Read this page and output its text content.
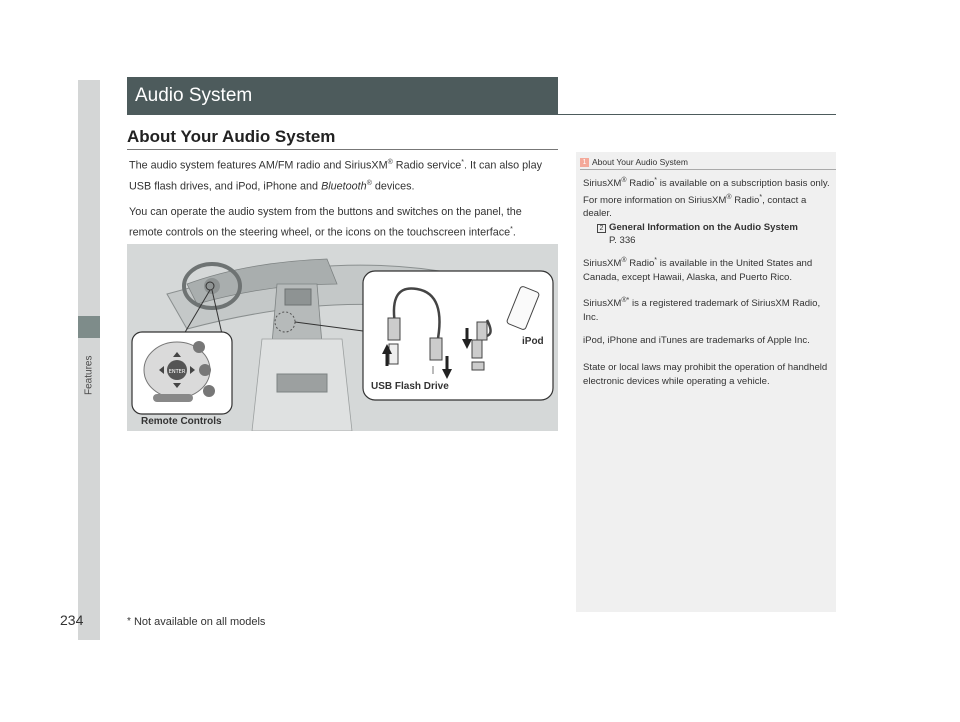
Features
Audio System
About Your Audio System
The audio system features AM/FM radio and SiriusXM® Radio service*. It can also play USB flash drives, and iPod, iPhone and Bluetooth® devices.
You can operate the audio system from the buttons and switches on the panel, the remote controls on the steering wheel, or the icons on the touchscreen interface*.
ENTER
Remote Controls
USB Flash Drive
iPod
1 About Your Audio System
SiriusXM® Radio* is available on a subscription basis only. For more information on SiriusXM® Radio*, contact a dealer.
2 General Information on the Audio System
P. 336
SiriusXM® Radio* is available in the United States and Canada, except Hawaii, Alaska, and Puerto Rico.
SiriusXM®* is a registered trademark of SiriusXM Radio, Inc.
iPod, iPhone and iTunes are trademarks of Apple Inc.
State or local laws may prohibit the operation of handheld electronic devices while operating a vehicle.
234	* Not available on all models
